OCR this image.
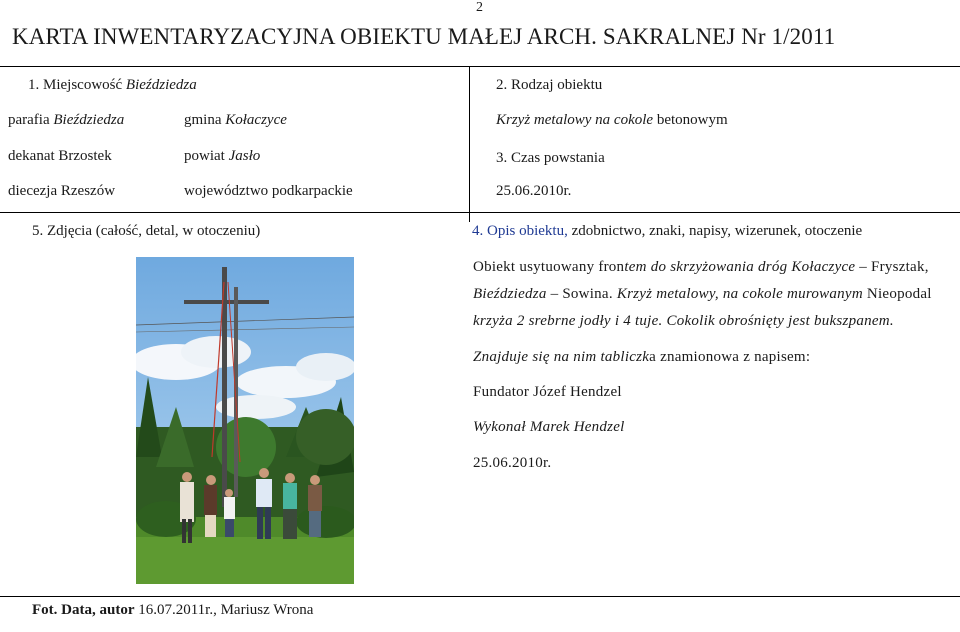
2
KARTA INWENTARYZACYJNA OBIEKTU MAŁEJ ARCH. SAKRALNEJ Nr 1/2011
1. Miejscowość Bieździedza
parafia Bieździedza	gmina Kołaczyce
dekanat Brzostek	powiat Jasło
diecezja Rzeszów	województwo podkarpackie
2. Rodzaj obiektu
Krzyż metalowy na cokole betonowym
3. Czas powstania
25.06.2010r.
5. Zdjęcia (całość, detal, w otoczeniu)	4. Opis obiektu, zdobnictwo, znaki, napisy, wizerunek, otoczenie
Obiekt usytuowany frontem do skrzyżowania dróg Kołaczyce – Frysztak,
Bieździedza – Sowina. Krzyż metalowy, na cokole murowanym Nieopodal
krzyża 2 srebrne jodły i 4 tuje. Cokolik obrośnięty jest bukszpanem.
Znajduje się na nim tabliczka znamionowa z napisem:
Fundator Józef Hendzel
Wykonał Marek Hendzel
25.06.2010r.
Fot. Data, autor 16.07.2011r., Mariusz Wrona
